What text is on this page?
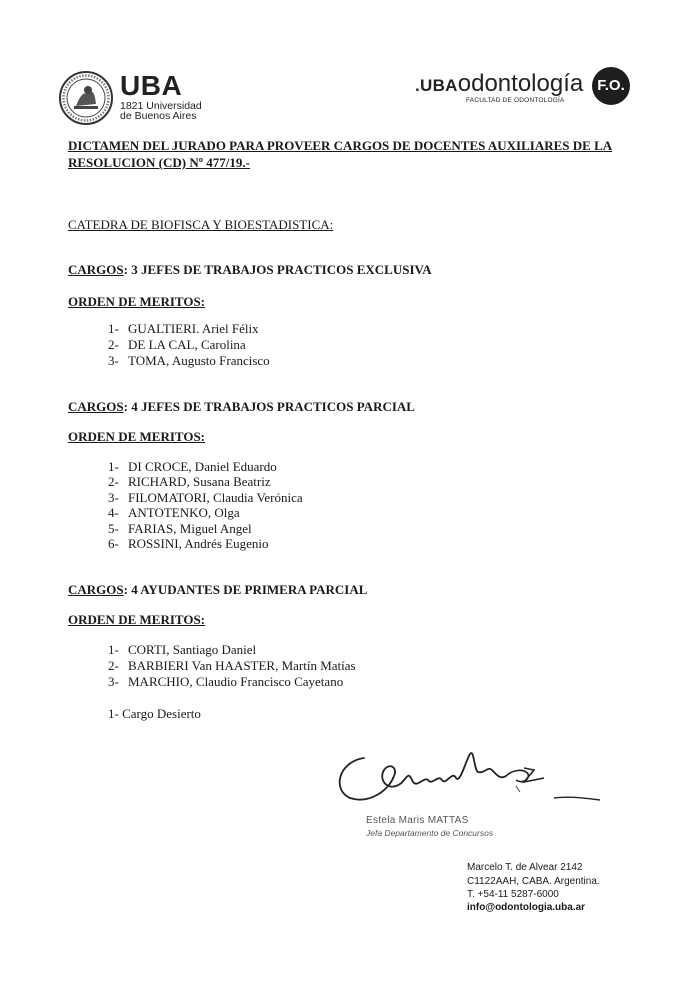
UBA
1821 Universidad
de Buenos Aires
.UBAodontología
FACULTAD DE ODONTOLOGÍA
F.O.
DICTAMEN DEL JURADO PARA PROVEER CARGOS DE DOCENTES AUXILIARES DE LA
RESOLUCION (CD) Nº 477/19.-
CATEDRA DE BIOFISCA Y BIOESTADISTICA:
CARGOS: 3 JEFES DE TRABAJOS PRACTICOS EXCLUSIVA
ORDEN DE MERITOS:
1- GUALTIERI. Ariel Félix
2- DE LA CAL, Carolina
3- TOMA, Augusto Francisco
CARGOS: 4 JEFES DE TRABAJOS PRACTICOS PARCIAL
ORDEN DE MERITOS:
1- DI CROCE, Daniel Eduardo
2- RICHARD, Susana Beatriz
3- FILOMATORI, Claudia Verónica
4- ANTOTENKO, Olga
5- FARIAS, Miguel Angel
6- ROSSINI, Andrés Eugenio
CARGOS: 4 AYUDANTES DE PRIMERA PARCIAL
ORDEN DE MERITOS:
1- CORTI, Santiago Daniel
2- BARBIERI Van HAASTER, Martín Matías
3- MARCHIO, Claudio Francisco Cayetano
1- Cargo Desierto
Estela Maris MATTAS
Jefa Departamento de Concursos
Marcelo T. de Alvear 2142
C1122AAH, CABA. Argentina.
T. +54-11 5287-6000
info@odontologia.uba.ar
